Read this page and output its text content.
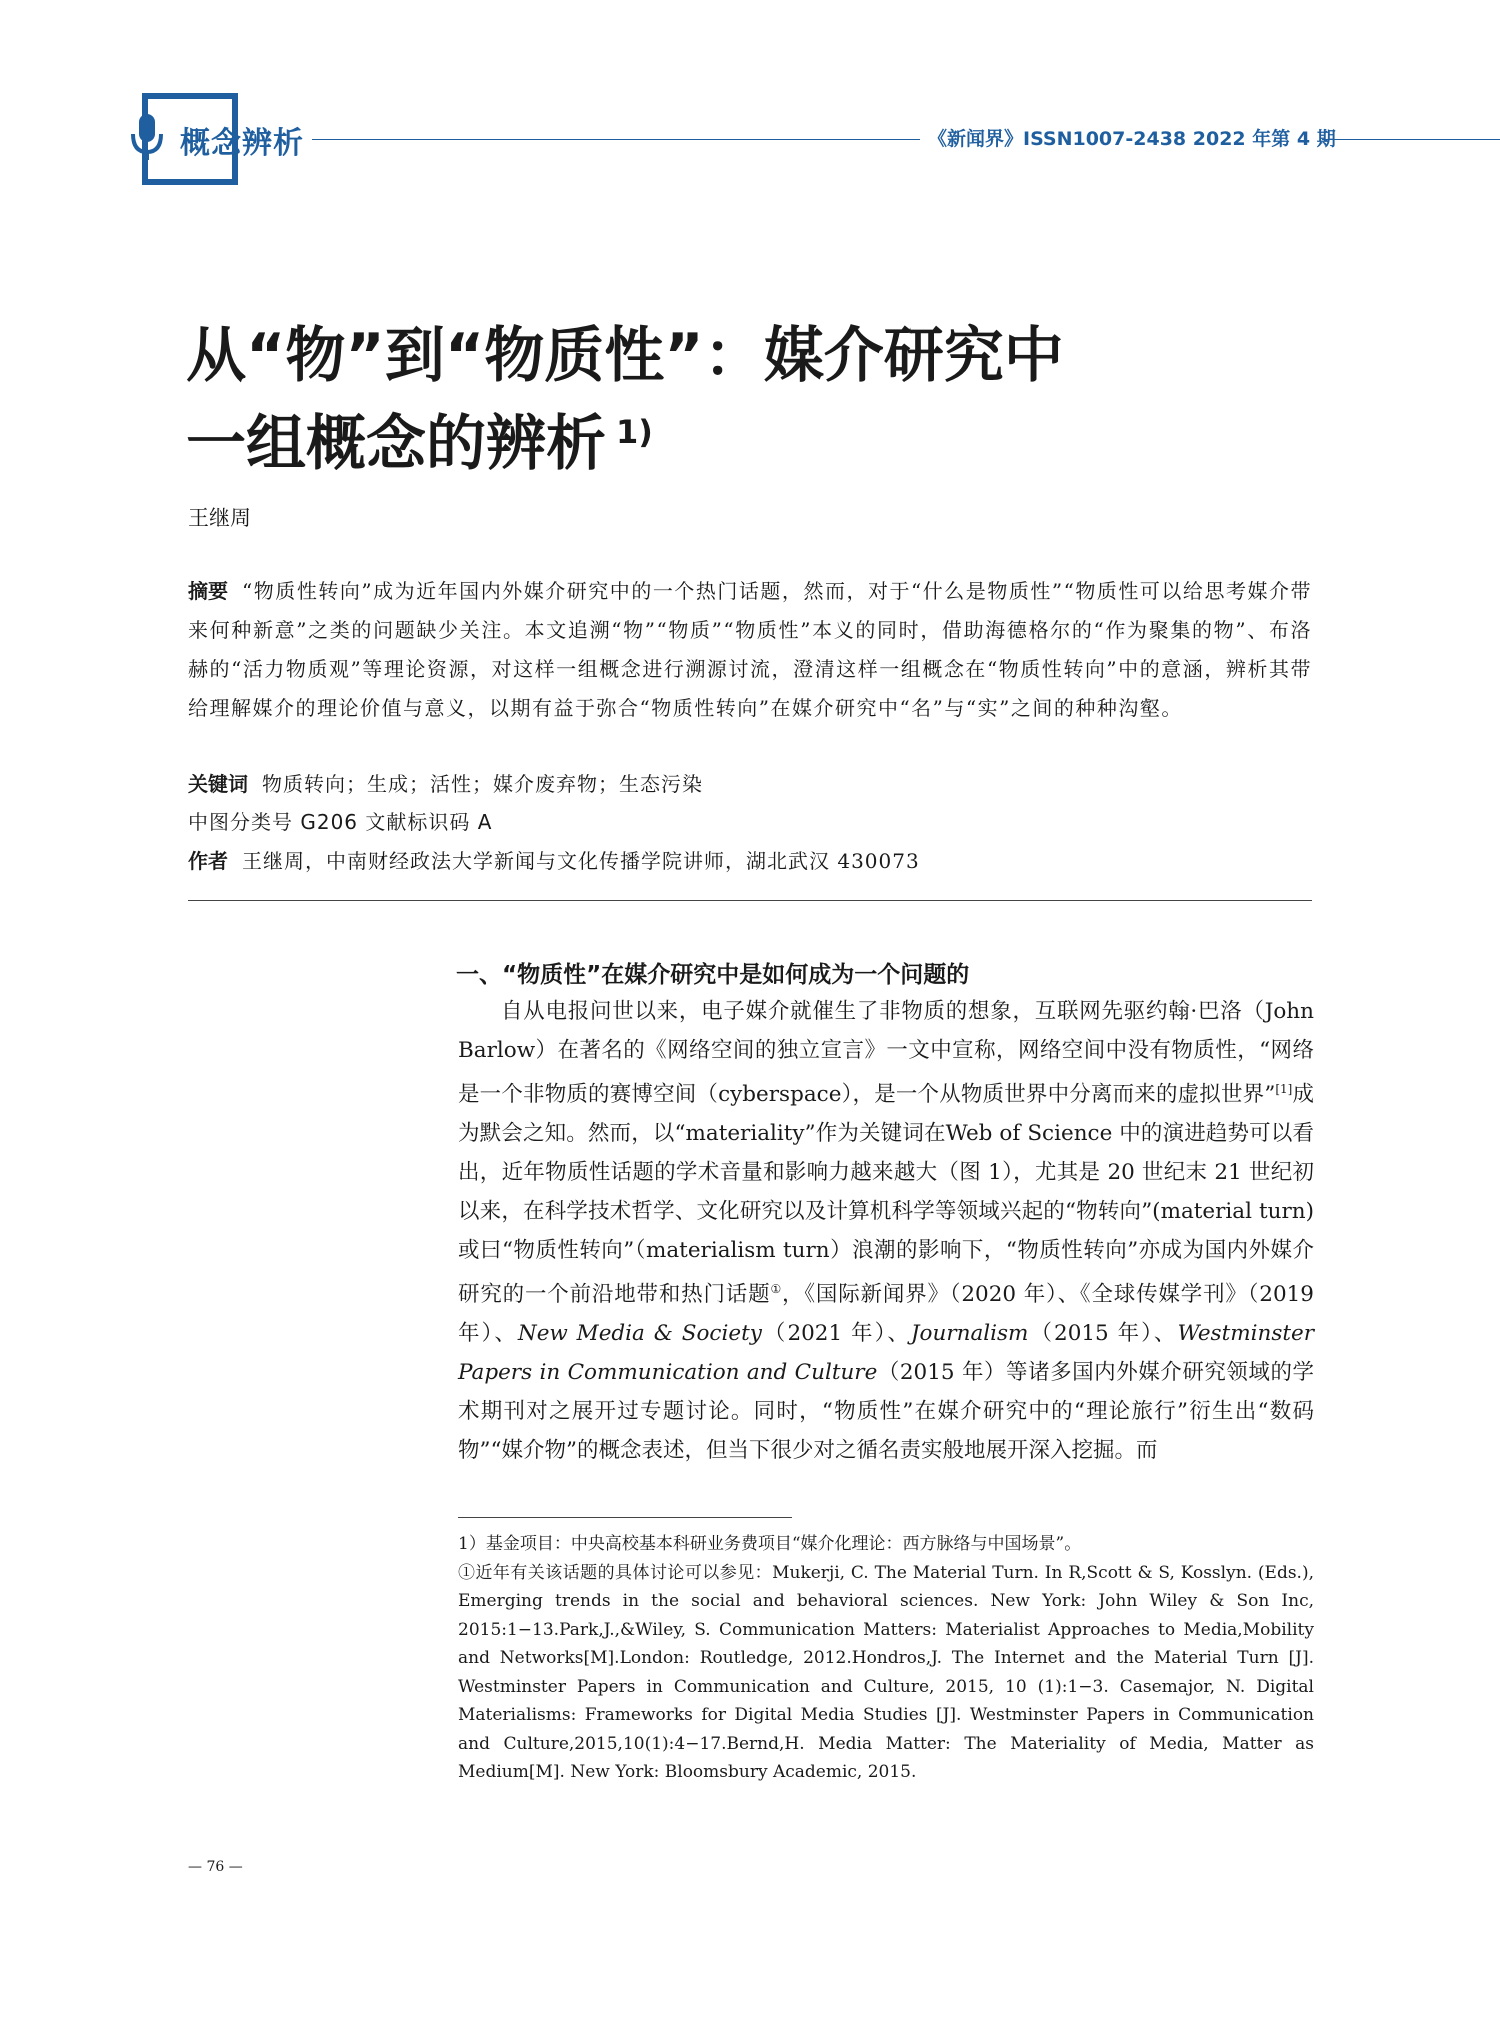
概念辨析	《新闻界》ISSN1007-2438 2022 年第 4 期
从“物”到“物质性”：媒介研究中
一组概念的辨析 $^{1)}$
王继周
摘要 “物质性转向”成为近年国内外媒介研究中的一个热门话题，然而，对于“什么是物质性”“物质性可以给思考媒介带来何种新意”之类的问题缺少关注。本文追溯“物”“物质”“物质性”本义的同时，借助海德格尔的“作为聚集的物”、布洛赫的“活力物质观”等理论资源，对这样一组概念进行溯源讨流，澄清这样一组概念在“物质性转向”中的意涵，辨析其带给理解媒介的理论价值与意义，以期有益于弥合“物质性转向”在媒介研究中“名”与“实”之间的种种沟壑。
关键词 物质转向；生成；活性；媒介废弃物；生态污染
中图分类号 G206 文献标识码 A
作者 王继周，中南财经政法大学新闻与文化传播学院讲师，湖北武汉 430073
一、“物质性”在媒介研究中是如何成为一个问题的
自从电报问世以来，电子媒介就催生了非物质的想象，互联网先驱约翰·巴洛（John Barlow）在著名的《网络空间的独立宣言》一文中宣称，网络空间中没有物质性，“网络是一个非物质的赛博空间（cyberspace），是一个从物质世界中分离而来的虚拟世界”[1]成为默会之知。然而，以“materiality”作为关键词在Web of Science 中的演进趋势可以看出，近年物质性话题的学术音量和影响力越来越大（图 1），尤其是 20 世纪末 21 世纪初以来，在科学技术哲学、文化研究以及计算机科学等领域兴起的“物转向”(material turn)或曰“物质性转向”（materialism turn）浪潮的影响下，“物质性转向”亦成为国内外媒介研究的一个前沿地带和热门话题①，《国际新闻界》（2020 年）、《全球传媒学刊》（2019 年）、New Media & Society（2021 年）、Journalism（2015 年）、Westminster Papers in Communication and Culture（2015 年）等诸多国内外媒介研究领域的学术期刊对之展开过专题讨论。同时，“物质性”在媒介研究中的“理论旅行”衍生出“数码物”“媒介物”的概念表述，但当下很少对之循名责实般地展开深入挖掘。而

1）基金项目：中央高校基本科研业务费项目“媒介化理论：西方脉络与中国场景”。

①近年有关该话题的具体讨论可以参见：Mukerji, C. The Material Turn. In R,Scott & S, Kosslyn. (Eds.), Emerging trends in the social and behavioral sciences. New York: John Wiley & Son Inc, 2015:1−13.Park,J.,&Wiley, S. Communication Matters: Materialist Approaches to Media,Mobility and Networks[M].London: Routledge, 2012.Hondros,J. The Internet and the Material Turn [J]. Westminster Papers in Communication and Culture, 2015, 10 (1):1−3. Casemajor, N. Digital Materialisms: Frameworks for Digital Media Studies [J]. Westminster Papers in Communication and Culture,2015,10(1):4−17.Bernd,H. Media Matter: The Materiality of Media, Matter as Medium[M]. New York: Bloomsbury Academic, 2015.

— 76 —
